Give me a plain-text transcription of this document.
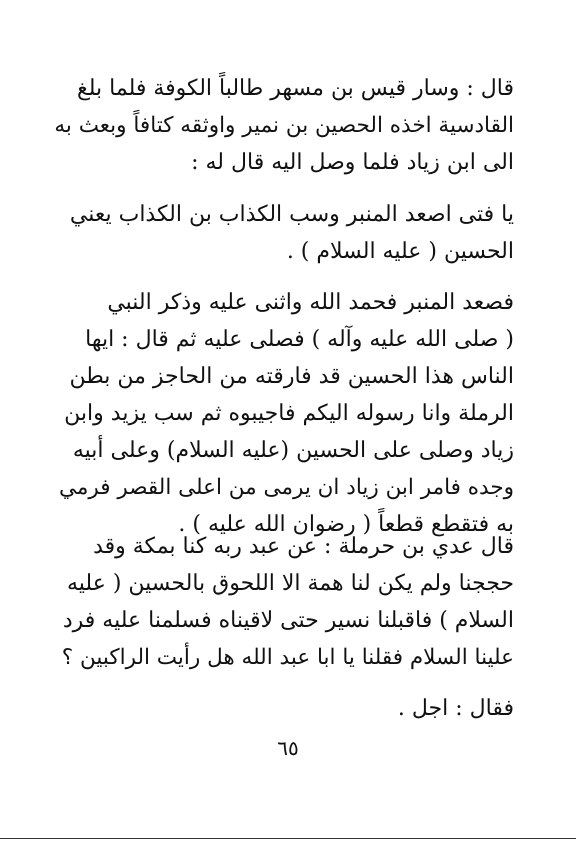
قال : وسار قيس بن مسهر طالباً الكوفة فلما بلغ
القادسية اخذه الحصين بن نمير واوثقه كتافاً وبعث به
الى ابن زياد فلما وصل اليه قال له :
يا فتى اصعد المنبر وسب الكذاب بن الكذاب يعني
الحسين ( عليه السلام ) .
فصعد المنبر فحمد الله واثنى عليه وذكر النبي
( صلى الله عليه وآله ) فصلى عليه ثم قال : ايها
الناس هذا الحسين قد فارقته من الحاجز من بطن
الرملة وانا رسوله اليكم فاجيبوه ثم سب يزيد وابن
زياد وصلى على الحسين (عليه السلام) وعلى أبيه
وجده فامر ابن زياد ان يرمى من اعلى القصر فرمي
به فتقطع قطعاً ( رضوان الله عليه ) .
قال عدي بن حرملة : عن عبد ربه كنا بمكة وقد
حججنا ولم يكن لنا همة الا اللحوق بالحسين ( عليه
السلام ) فاقبلنا نسير حتى لاقيناه فسلمنا عليه فرد
علينا السلام فقلنا يا ابا عبد الله هل رأيت الراكبين ؟
فقال : اجل .
٦٥
